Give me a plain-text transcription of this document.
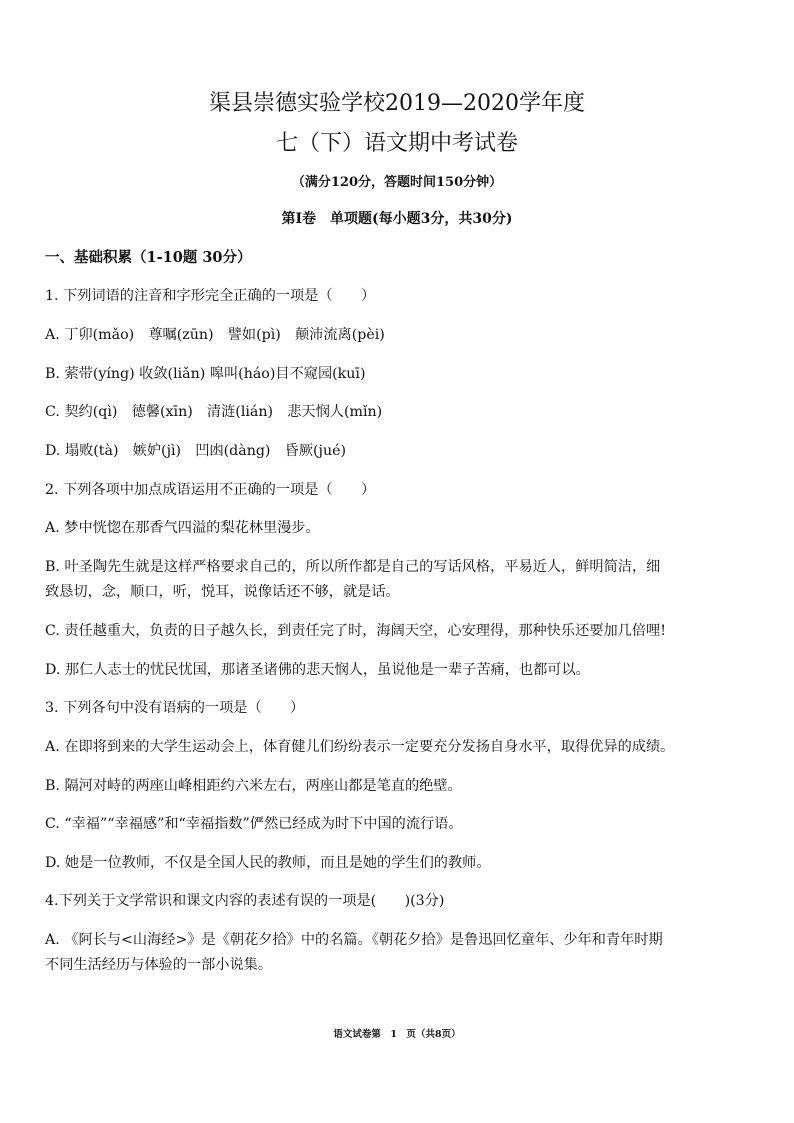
渠县崇德实验学校2019—2020学年度
七（下）语文期中考试卷
（满分120分，答题时间150分钟）
第Ⅰ卷　单项题(每小题3分，共30分)
一、基础积累（1-10题 30分）
1. 下列词语的注音和字形完全正确的一项是（　　）
A. 丁卯(mǎo)　尊嘱(zūn)　譬如(pì)　颠沛流离(pèi)
B. 萦带(yíng) 收敛(liǎn) 嗥叫(háo)目不窥园(kuī)
C. 契约(qì)　德馨(xīn)　清涟(lián)　悲天悯人(mǐn)
D. 塌败(tà)　嫉妒(jì)　凹凼(dàng)　昏厥(jué)
2. 下列各项中加点成语运用不正确的一项是（　　）
A. 梦中恍惚在那香气四溢的梨花林里漫步。
B. 叶圣陶先生就是这样严格要求自己的，所以所作都是自己的写话风格，平易近人，鲜明简洁，细
致恳切，念，顺口，听，悦耳，说像话还不够，就是话。
C. 责任越重大，负责的日子越久长，到责任完了时，海阔天空，心安理得，那种快乐还要加几倍哩!
D. 那仁人志士的忧民忧国，那诸圣诸佛的悲天悯人，虽说他是一辈子苦痛，也都可以。
3. 下列各句中没有语病的一项是（　　）
A. 在即将到来的大学生运动会上，体育健儿们纷纷表示一定要充分发扬自身水平，取得优异的成绩。
B. 隔河对峙的两座山峰相距约六米左右，两座山都是笔直的绝壁。
C. “幸福”“幸福感”和“幸福指数”俨然已经成为时下中国的流行语。
D. 她是一位教师，不仅是全国人民的教师，而且是她的学生们的教师。
4.下列关于文学常识和课文内容的表述有误的一项是(　　)(3分)
A. 《阿长与<山海经>》是《朝花夕拾》中的名篇。《朝花夕拾》是鲁迅回忆童年、少年和青年时期
不同生活经历与体验的一部小说集。
语文试卷第　1　页（共8页）
